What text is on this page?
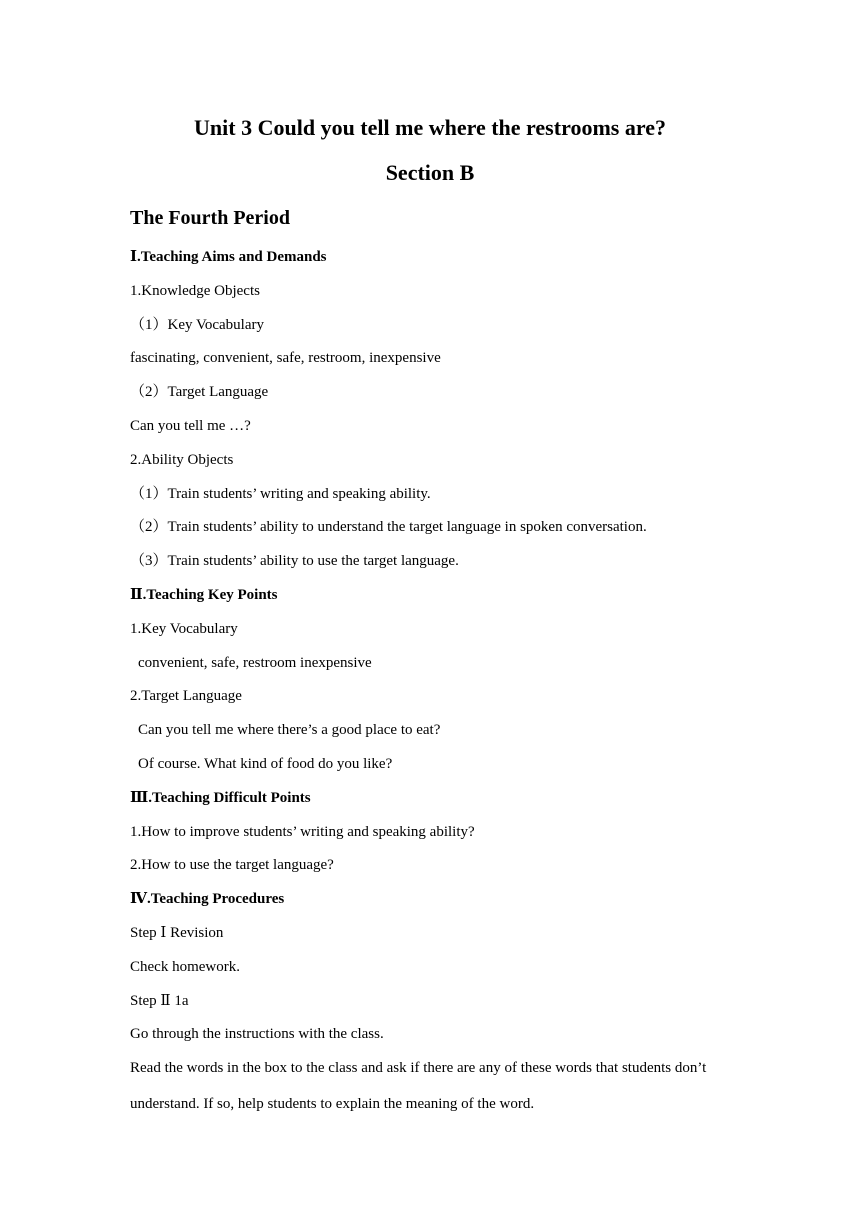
Unit 3 Could you tell me where the restrooms are?
Section B
The Fourth Period
Ⅰ.Teaching Aims and Demands
1.Knowledge Objects
（1）Key Vocabulary
fascinating, convenient, safe, restroom, inexpensive
（2）Target Language
Can you tell me …?
2.Ability Objects
（1）Train students’ writing and speaking ability.
（2）Train students’ ability to understand the target language in spoken conversation.
（3）Train students’ ability to use the target language.
Ⅱ.Teaching Key Points
1.Key Vocabulary
convenient, safe, restroom inexpensive
2.Target Language
Can you tell me where there’s a good place to eat?
Of course. What kind of food do you like?
Ⅲ.Teaching Difficult Points
1.How to improve students’ writing and speaking ability?
2.How to use the target language?
Ⅳ.Teaching Procedures
Step Ⅰ Revision
Check homework.
Step Ⅱ 1a
Go through the instructions with the class.
Read the words in the box to the class and ask if there are any of these words that students don’t
understand. If so, help students to explain the meaning of the word.
